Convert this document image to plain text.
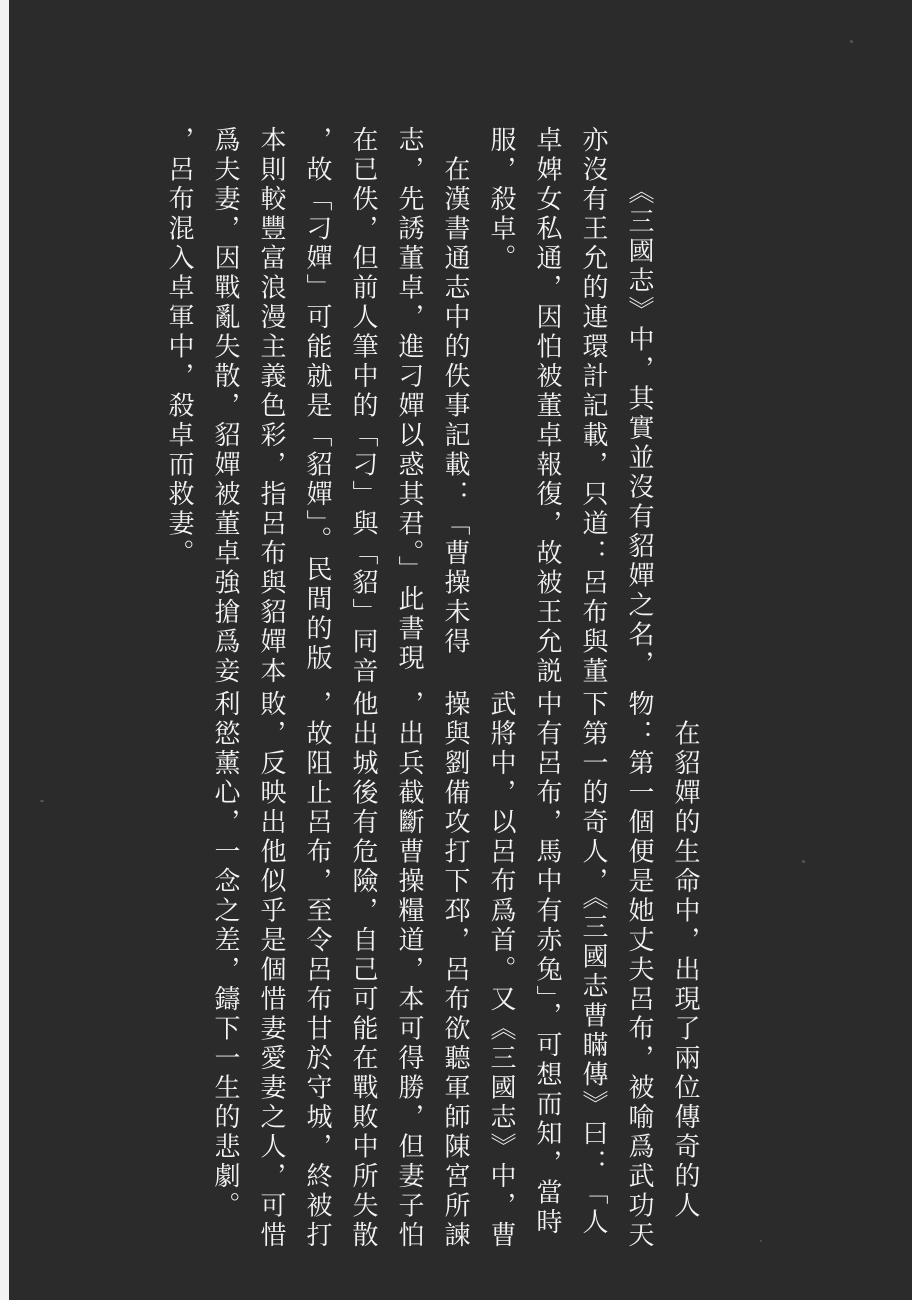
《三國志》中，其實並沒有貂嬋之名，
亦沒有王允的連環計記載，只道：呂布與董
卓婢女私通，因怕被董卓報復，故被王允説
服，殺卓。
　在漢書通志中的佚事記載：「曹操未得
志，先誘董卓，進刁嬋以惑其君。」此書現
在已佚，但前人筆中的「刁」與「貂」同音
，故「刁嬋」可能就是「貂嬋」。民間的版
本則較豐富浪漫主義色彩，指呂布與貂嬋本
爲夫妻，因戰亂失散，貂嬋被董卓強搶爲妾
，呂布混入卓軍中，殺卓而救妻。
　在貂嬋的生命中，出現了兩位傳奇的人
物：第一個便是她丈夫呂布，被喻爲武功天
下第一的奇人，《三國志曹瞞傳》曰：「人
中有呂布，馬中有赤兔」，可想而知，當時
武將中，以呂布爲首。又《三國志》中，曹
操與劉備攻打下邳，呂布欲聽軍師陳宮所諫
，出兵截斷曹操糧道，本可得勝，但妻子怕
他出城後有危險，自己可能在戰敗中所失散
，故阻止呂布，至令呂布甘於守城，終被打
敗，反映出他似乎是個惜妻愛妻之人，可惜
利慾薰心，一念之差，鑄下一生的悲劇。
